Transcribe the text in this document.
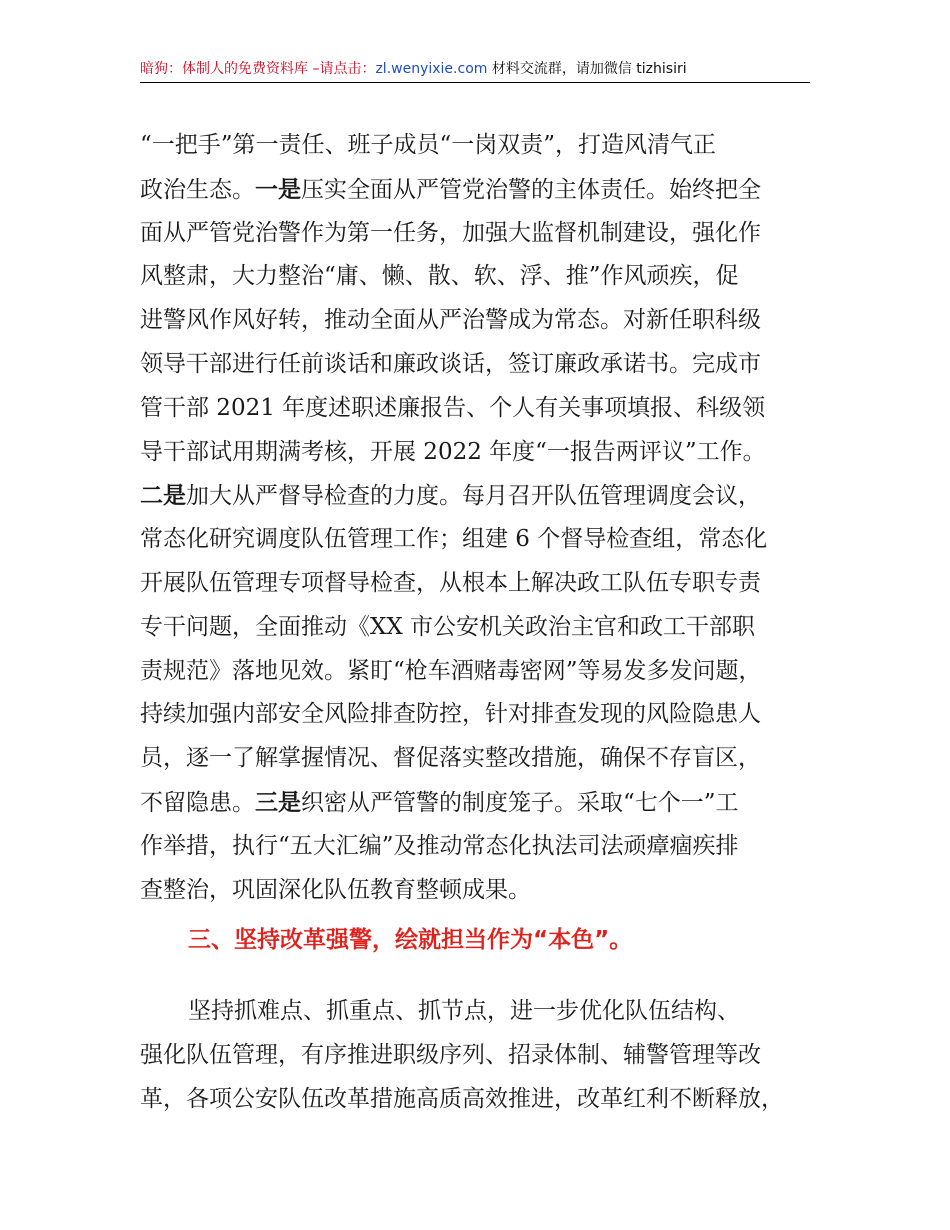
暗狗：体制人的免费资料库 –请点击：zl.wenyixie.com 材料交流群，请加微信 tizhisiri
“一把手”第一责任、班子成员“一岗双责”，打造风清气正
政治生态。一是压实全面从严管党治警的主体责任。始终把全
面从严管党治警作为第一任务，加强大监督机制建设，强化作
风整肃，大力整治“庸、懒、散、软、浮、推”作风顽疾，促
进警风作风好转，推动全面从严治警成为常态。对新任职科级
领导干部进行任前谈话和廉政谈话，签订廉政承诺书。完成市
管干部 2021 年度述职述廉报告、个人有关事项填报、科级领
导干部试用期满考核，开展 2022 年度“一报告两评议”工作。
二是加大从严督导检查的力度。每月召开队伍管理调度会议，
常态化研究调度队伍管理工作；组建 6 个督导检查组，常态化
开展队伍管理专项督导检查，从根本上解决政工队伍专职专责
专干问题，全面推动《XX 市公安机关政治主官和政工干部职
责规范》落地见效。紧盯“枪车酒赌毒密网”等易发多发问题，
持续加强内部安全风险排查防控，针对排查发现的风险隐患人
员，逐一了解掌握情况、督促落实整改措施，确保不存盲区，
不留隐患。三是织密从严管警的制度笼子。采取“七个一”工
作举措，执行“五大汇编”及推动常态化执法司法顽瘴痼疾排
查整治，巩固深化队伍教育整顿成果。
三、坚持改革强警，绘就担当作为“本色”。
坚持抓难点、抓重点、抓节点，进一步优化队伍结构、
强化队伍管理，有序推进职级序列、招录体制、辅警管理等改
革，各项公安队伍改革措施高质高效推进，改革红利不断释放，
